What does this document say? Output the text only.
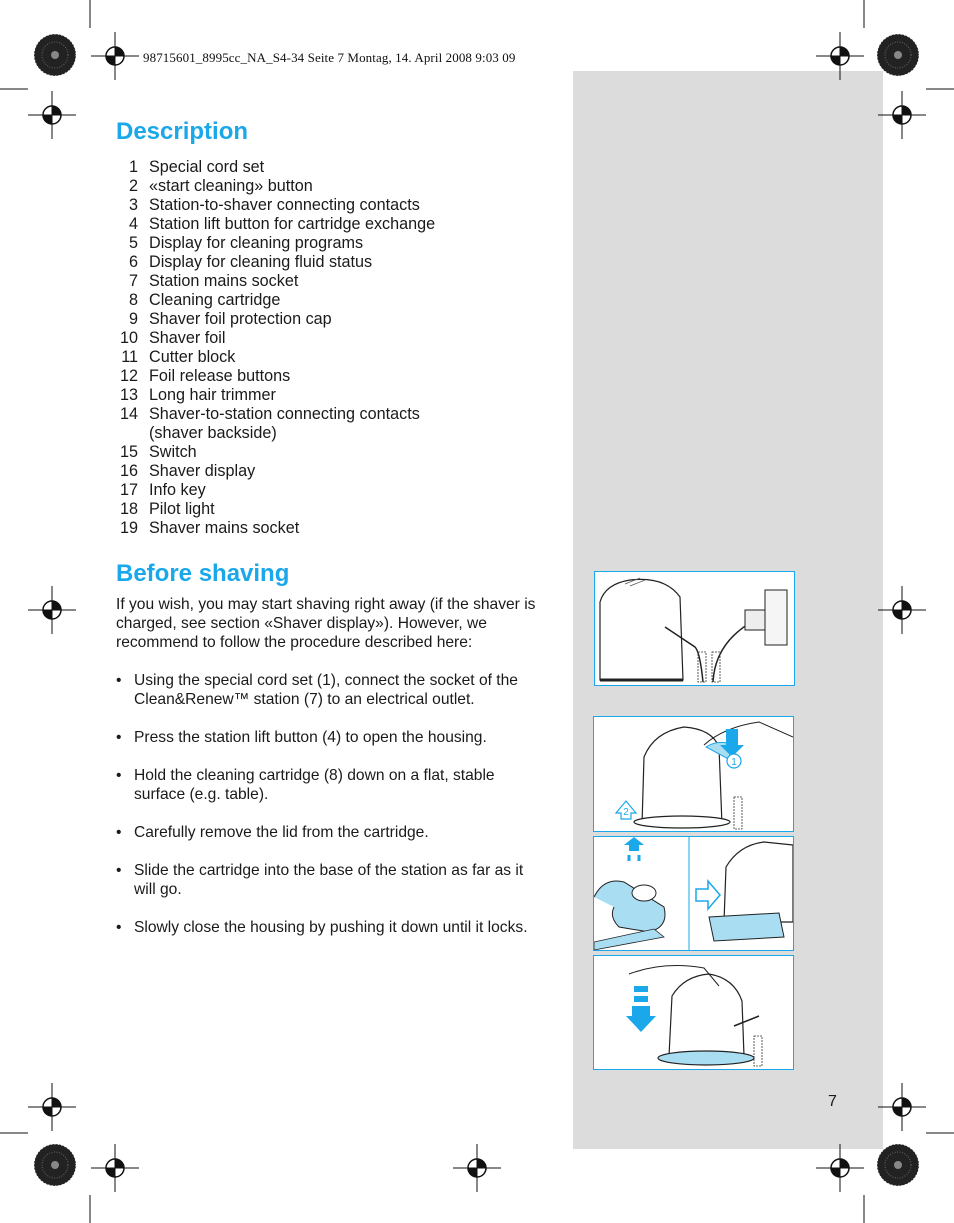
98715601_8995cc_NA_S4-34 Seite 7 Montag, 14. April 2008 9:03 09
Description
1 Special cord set
2 «start cleaning» button
3 Station-to-shaver connecting contacts
4 Station lift button for cartridge exchange
5 Display for cleaning programs
6 Display for cleaning fluid status
7 Station mains socket
8 Cleaning cartridge
9 Shaver foil protection cap
10 Shaver foil
11 Cutter block
12 Foil release buttons
13 Long hair trimmer
14 Shaver-to-station connecting contacts
(shaver backside)
15 Switch
16 Shaver display
17 Info key
18 Pilot light
19 Shaver mains socket
Before shaving

If you wish, you may start shaving right away (if the shaver is charged, see section «Shaver display»). However, we recommend to follow the procedure described here:

• Using the special cord set (1), connect the socket of the Clean&Renew™ station (7) to an electrical outlet.
• Press the station lift button (4) to open the housing.
• Hold the cleaning cartridge (8) down on a flat, stable surface (e.g. table).
• Carefully remove the lid from the cartridge.
• Slide the cartridge into the base of the station as far as it will go.
• Slowly close the housing by pushing it down until it locks.
7
1
2
